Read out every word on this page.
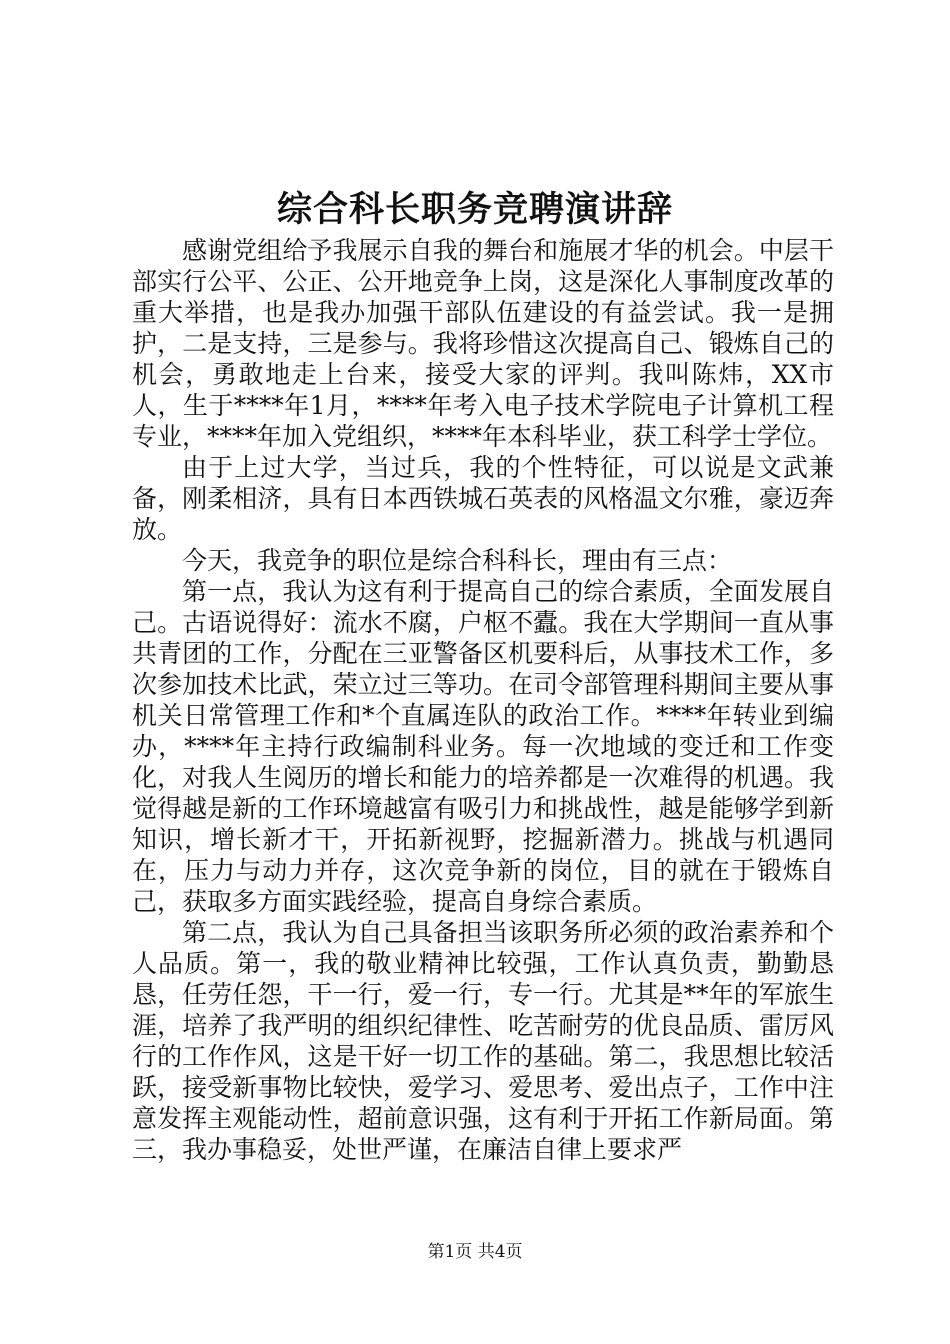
综合科长职务竞聘演讲辞

感谢党组给予我展示自我的舞台和施展才华的机会。中层干部实行公平、公正、公开地竞争上岗，这是深化人事制度改革的重大举措，也是我办加强干部队伍建设的有益尝试。我一是拥护，二是支持，三是参与。我将珍惜这次提高自己、锻炼自己的机会，勇敢地走上台来，接受大家的评判。我叫陈炜，XX市人，生于****年1月，****年考入电子技术学院电子计算机工程专业，****年加入党组织，****年本科毕业，获工科学士学位。

由于上过大学，当过兵，我的个性特征，可以说是文武兼备，刚柔相济，具有日本西铁城石英表的风格温文尔雅，豪迈奔放。

今天，我竞争的职位是综合科科长，理由有三点：

第一点，我认为这有利于提高自己的综合素质，全面发展自己。古语说得好：流水不腐，户枢不蠹。我在大学期间一直从事共青团的工作，分配在三亚警备区机要科后，从事技术工作，多次参加技术比武，荣立过三等功。在司令部管理科期间主要从事机关日常管理工作和*个直属连队的政治工作。****年转业到编办，****年主持行政编制科业务。每一次地域的变迁和工作变化，对我人生阅历的增长和能力的培养都是一次难得的机遇。我觉得越是新的工作环境越富有吸引力和挑战性，越是能够学到新知识，增长新才干，开拓新视野，挖掘新潜力。挑战与机遇同在，压力与动力并存，这次竞争新的岗位，目的就在于锻炼自己，获取多方面实践经验，提高自身综合素质。

第二点，我认为自己具备担当该职务所必须的政治素养和个人品质。第一，我的敬业精神比较强，工作认真负责，勤勤恳恳，任劳任怨，干一行，爱一行，专一行。尤其是**年的军旅生涯，培养了我严明的组织纪律性、吃苦耐劳的优良品质、雷厉风行的工作作风，这是干好一切工作的基础。第二，我思想比较活跃，接受新事物比较快，爱学习、爱思考、爱出点子，工作中注意发挥主观能动性，超前意识强，这有利于开拓工作新局面。第三，我办事稳妥，处世严谨，在廉洁自律上要求严

第1页 共4页
